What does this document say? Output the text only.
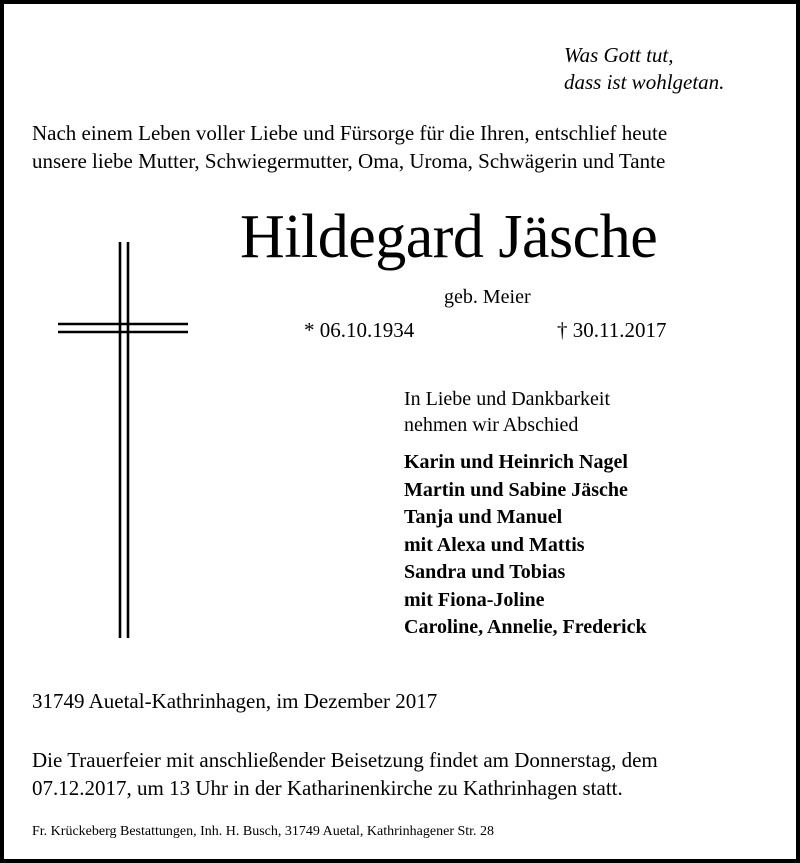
Was Gott tut,
dass ist wohlgetan.
Nach einem Leben voller Liebe und Fürsorge für die Ihren, entschlief heute
unsere liebe Mutter, Schwiegermutter, Oma, Uroma, Schwägerin und Tante
Hildegard Jäsche
geb. Meier
* 06.10.1934	† 30.11.2017
In Liebe und Dankbarkeit
nehmen wir Abschied
Karin und Heinrich Nagel
Martin und Sabine Jäsche
Tanja und Manuel
mit Alexa und Mattis
Sandra und Tobias
mit Fiona-Joline
Caroline, Annelie, Frederick
31749 Auetal-Kathrinhagen, im Dezember 2017
Die Trauerfeier mit anschließender Beisetzung findet am Donnerstag, dem
07.12.2017, um 13 Uhr in der Katharinenkirche zu Kathrinhagen statt.
Fr. Krückeberg Bestattungen, Inh. H. Busch, 31749 Auetal, Kathrinhagener Str. 28
